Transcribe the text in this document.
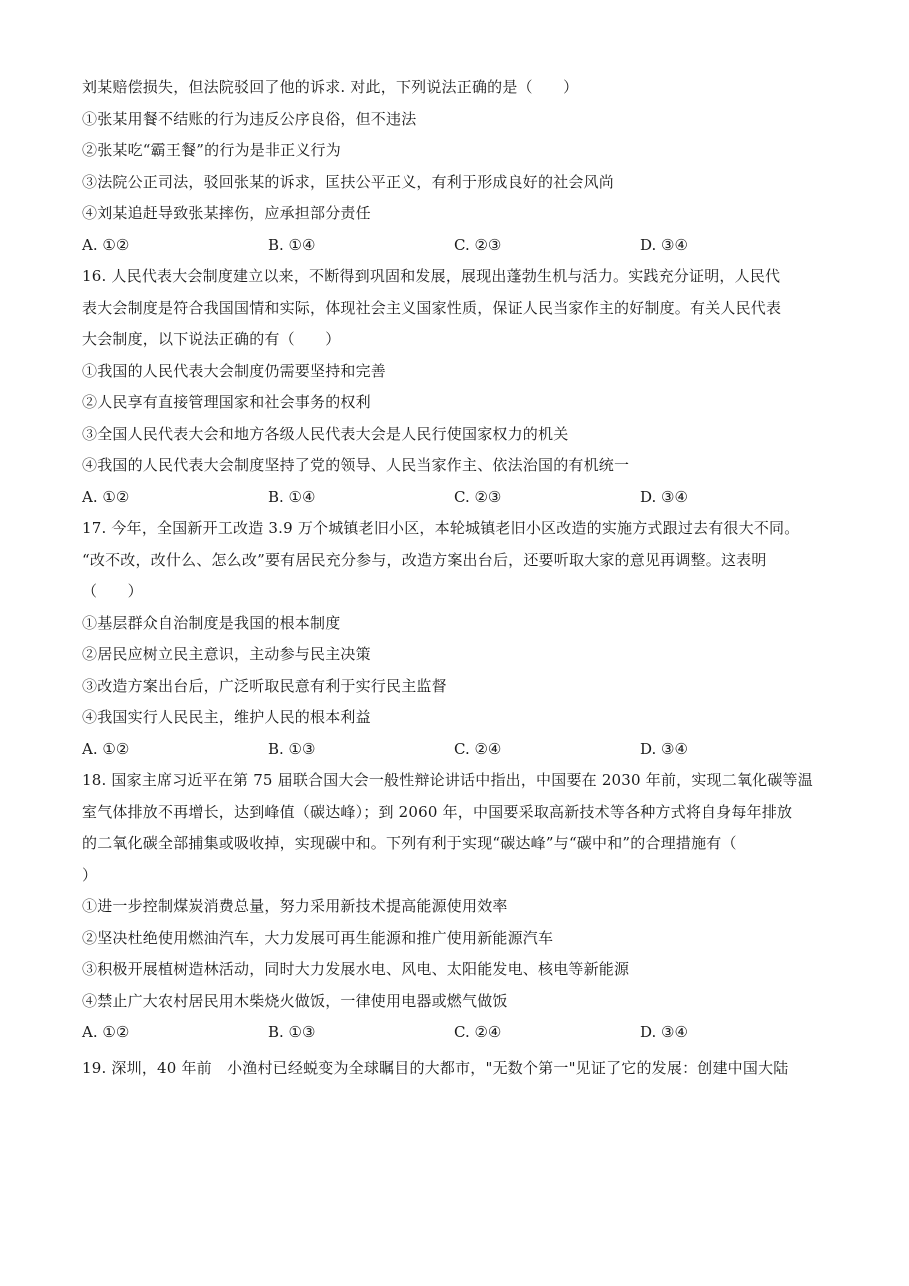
刘某赔偿损失，但法院驳回了他的诉求. 对此，下列说法正确的是（　　）
①张某用餐不结账的行为违反公序良俗，但不违法
②张某吃“霸王餐”的行为是非正义行为
③法院公正司法，驳回张某的诉求，匡扶公平正义，有利于形成良好的社会风尚
④刘某追赶导致张某摔伤，应承担部分责任
A. ①②	B. ①④	C. ②③	D. ③④
16. 人民代表大会制度建立以来，不断得到巩固和发展，展现出蓬勃生机与活力。实践充分证明，人民代
表大会制度是符合我国国情和实际，体现社会主义国家性质，保证人民当家作主的好制度。有关人民代表
大会制度，以下说法正确的有（　　）
①我国的人民代表大会制度仍需要坚持和完善
②人民享有直接管理国家和社会事务的权利
③全国人民代表大会和地方各级人民代表大会是人民行使国家权力的机关
④我国的人民代表大会制度坚持了党的领导、人民当家作主、依法治国的有机统一
A. ①②	B. ①④	C. ②③	D. ③④
17. 今年，全国新开工改造 3.9 万个城镇老旧小区，本轮城镇老旧小区改造的实施方式跟过去有很大不同。
“改不改，改什么、怎么改”要有居民充分参与，改造方案出台后，还要听取大家的意见再调整。这表明
（　　）
①基层群众自治制度是我国的根本制度
②居民应树立民主意识，主动参与民主决策
③改造方案出台后，广泛听取民意有利于实行民主监督
④我国实行人民民主，维护人民的根本利益
A. ①②	B. ①③	C. ②④	D. ③④
18. 国家主席习近平在第 75 届联合国大会一般性辩论讲话中指出，中国要在 2030 年前，实现二氧化碳等温
室气体排放不再增长，达到峰值（碳达峰）；到 2060 年，中国要采取高新技术等各种方式将自身每年排放
的二氧化碳全部捕集或吸收掉，实现碳中和。下列有利于实现“碳达峰”与“碳中和”的合理措施有（
）
①进一步控制煤炭消费总量，努力采用新技术提高能源使用效率
②坚决杜绝使用燃油汽车，大力发展可再生能源和推广使用新能源汽车
③积极开展植树造林活动，同时大力发展水电、风电、太阳能发电、核电等新能源
④禁止广大农村居民用木柴烧火做饭，一律使用电器或燃气做饭
A. ①②	B. ①③	C. ②④	D. ③④
19. 深圳，40 年前　小渔村已经蜕变为全球瞩目的大都市，"无数个第一"见证了它的发展：创建中国大陆
